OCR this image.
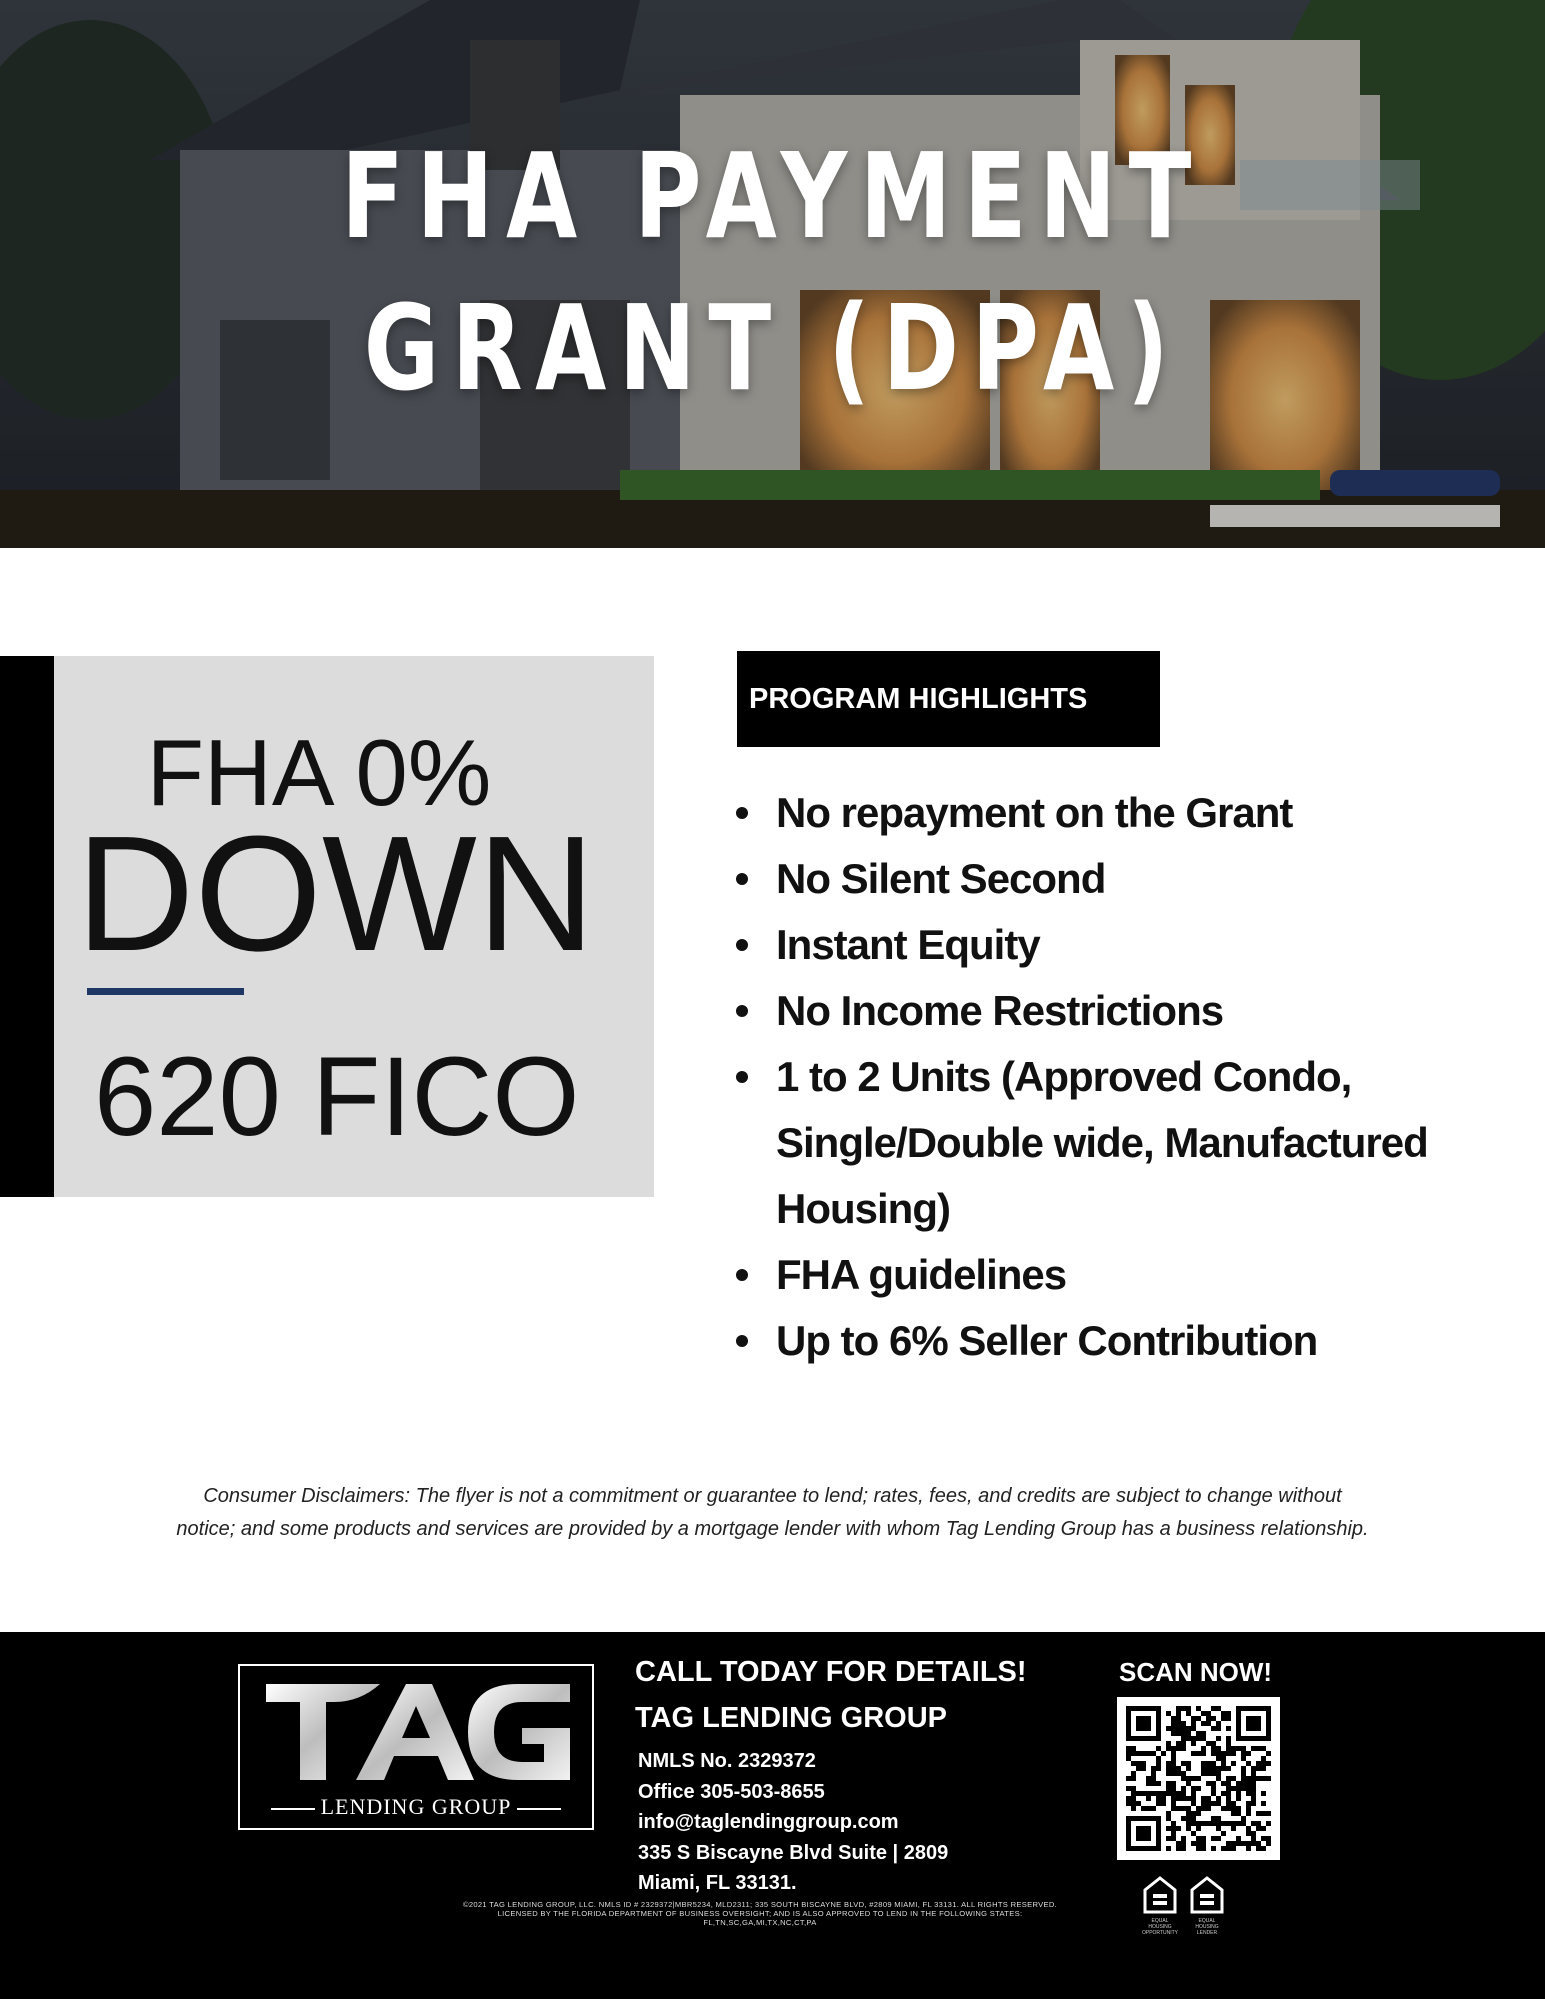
FHA PAYMENT
GRANT (DPA)
FHA 0%
DOWN
620 FICO
PROGRAM HIGHLIGHTS
No repayment on the Grant
No Silent Second
Instant Equity
No Income Restrictions
1 to 2 Units (Approved Condo, Single/Double wide, Manufactured Housing)
FHA guidelines
Up to 6% Seller Contribution
Consumer Disclaimers: The flyer is not a commitment or guarantee to lend; rates, fees, and credits are subject to change without
notice; and some products and services are provided by a mortgage lender with whom Tag Lending Group has a business relationship.
LENDING GROUP
CALL TODAY FOR DETAILS!
TAG LENDING GROUP
NMLS No. 2329372
Office 305-503-8655
info@taglendinggroup.com
335 S Biscayne Blvd Suite | 2809
Miami, FL 33131.
SCAN NOW!
©2021 TAG LENDING GROUP, LLC. NMLS ID # 2329372|MBR5234, MLD2311; 335 SOUTH BISCAYNE BLVD, #2809 MIAMI, FL 33131. ALL RIGHTS RESERVED.
LICENSED BY THE FLORIDA DEPARTMENT OF BUSINESS OVERSIGHT; AND IS ALSO APPROVED TO LEND IN THE FOLLOWING STATES:
FL,TN,SC,GA,MI,TX,NC,CT,PA	EQUAL HOUSING OPPORTUNITY
EQUAL HOUSING LENDER
